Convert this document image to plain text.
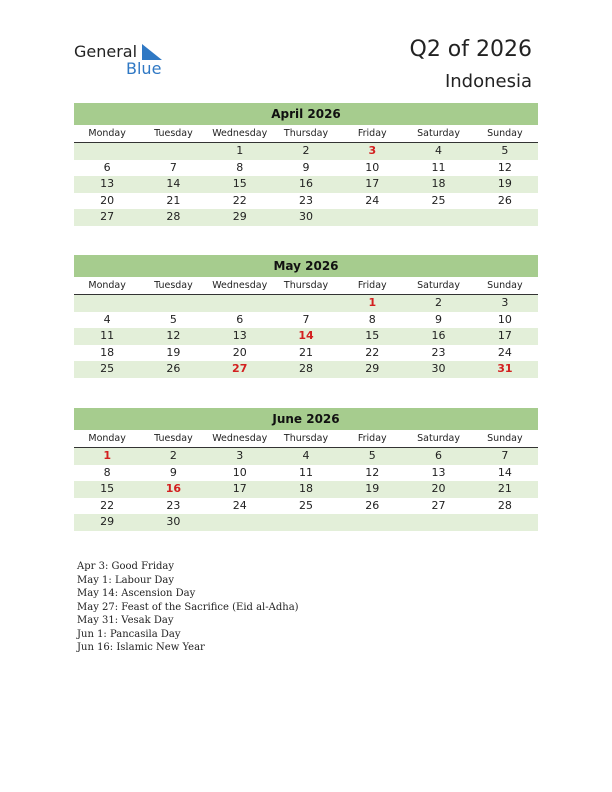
General
Blue
Q2 of 2026
Indonesia
April 2026
Monday	Tuesday	Wednesday	Thursday	Friday	Saturday	Sunday
		1	2	3	4	5
6	7	8	9	10	11	12
13	14	15	16	17	18	19
20	21	22	23	24	25	26
27	28	29	30			
May 2026
Monday	Tuesday	Wednesday	Thursday	Friday	Saturday	Sunday
				1	2	3
4	5	6	7	8	9	10
11	12	13	14	15	16	17
18	19	20	21	22	23	24
25	26	27	28	29	30	31
June 2026
Monday	Tuesday	Wednesday	Thursday	Friday	Saturday	Sunday
1	2	3	4	5	6	7
8	9	10	11	12	13	14
15	16	17	18	19	20	21
22	23	24	25	26	27	28
29	30					
Apr 3: Good Friday
May 1: Labour Day
May 14: Ascension Day
May 27: Feast of the Sacrifice (Eid al-Adha)
May 31: Vesak Day
Jun 1: Pancasila Day
Jun 16: Islamic New Year
